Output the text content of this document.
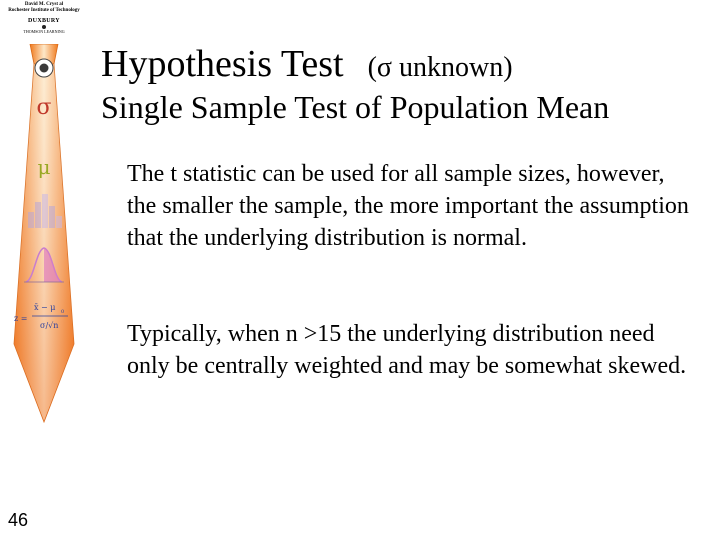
David M. Cryst al
Rochester Institute of Technology
DUXBURY
THOMSON LEARNING
σ
μ
z =
x̄ − μ 0
σ/√n
Hypothesis Test (σ unknown)
Single Sample Test of Population Mean

The t statistic can be used for all sample sizes, however, the smaller the sample, the more important the assumption that the underlying distribution is normal.

Typically, when n >15 the underlying distribution need only be centrally weighted and may be somewhat skewed.

46
